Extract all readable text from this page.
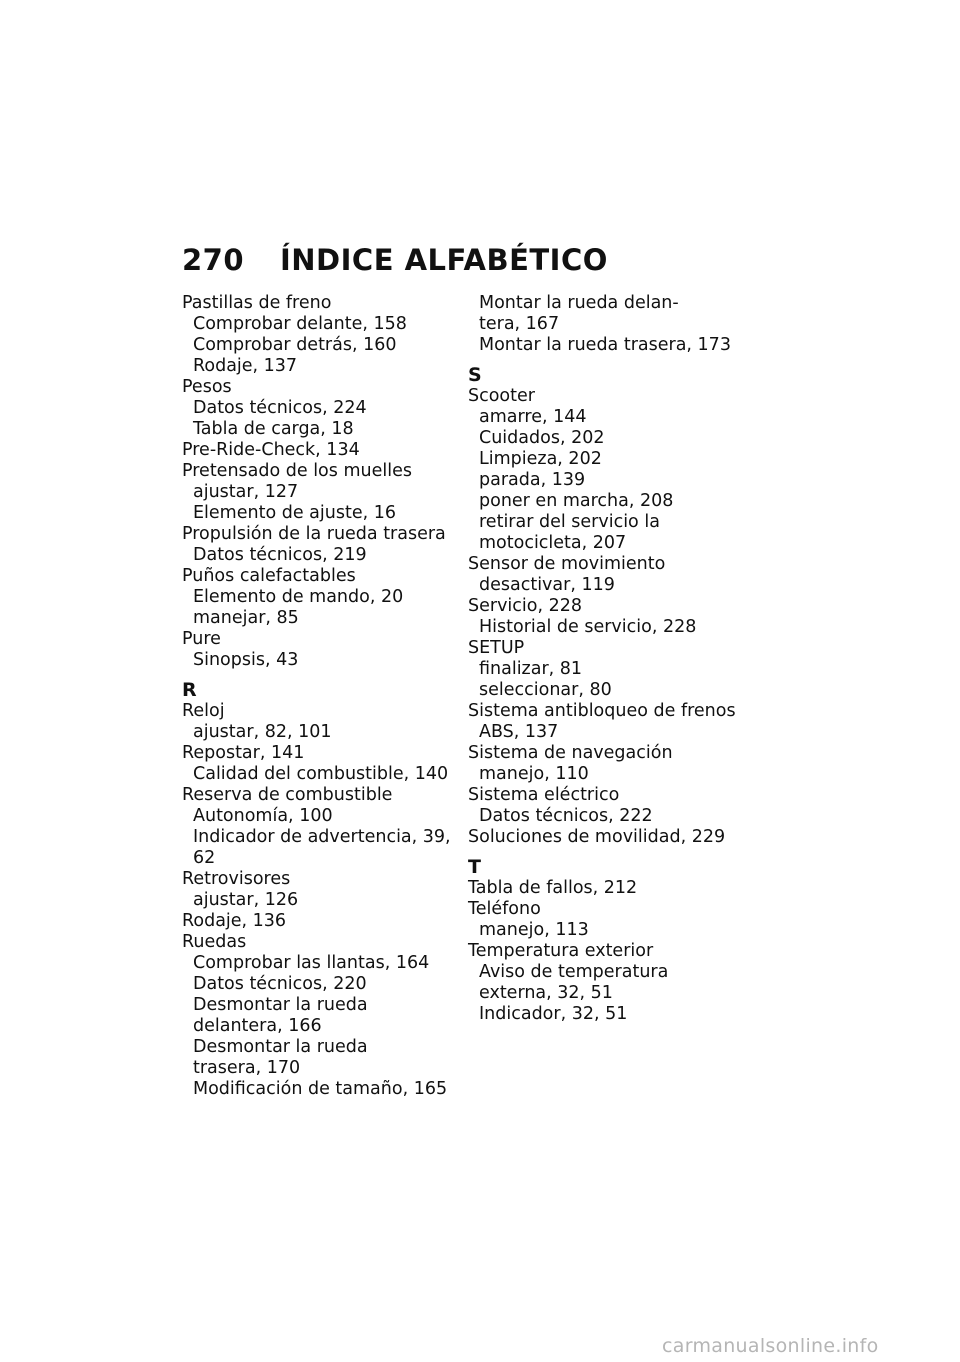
270 ÍNDICE ALFABÉTICO
Pastillas de freno
Comprobar delante, 158
Comprobar detrás, 160
Rodaje, 137
Pesos
Datos técnicos, 224
Tabla de carga, 18
Pre-Ride-Check, 134
Pretensado de los muelles
ajustar, 127
Elemento de ajuste, 16
Propulsión de la rueda trasera
Datos técnicos, 219
Puños calefactables
Elemento de mando, 20
manejar, 85
Pure
Sinopsis, 43
R
Reloj
ajustar, 82, 101
Repostar, 141
Calidad del combustible, 140
Reserva de combustible
Autonomía, 100
Indicador de advertencia, 39,
62
Retrovisores
ajustar, 126
Rodaje, 136
Ruedas
Comprobar las llantas, 164
Datos técnicos, 220
Desmontar la rueda
delantera, 166
Desmontar la rueda
trasera, 170
Modificación de tamaño, 165
Montar la rueda delan-
tera, 167
Montar la rueda trasera, 173
S
Scooter
amarre, 144
Cuidados, 202
Limpieza, 202
parada, 139
poner en marcha, 208
retirar del servicio la
motocicleta, 207
Sensor de movimiento
desactivar, 119
Servicio, 228
Historial de servicio, 228
SETUP
finalizar, 81
seleccionar, 80
Sistema antibloqueo de frenos
ABS, 137
Sistema de navegación
manejo, 110
Sistema eléctrico
Datos técnicos, 222
Soluciones de movilidad, 229
T
Tabla de fallos, 212
Teléfono
manejo, 113
Temperatura exterior
Aviso de temperatura
externa, 32, 51
Indicador, 32, 51
carmanualsonline.info
